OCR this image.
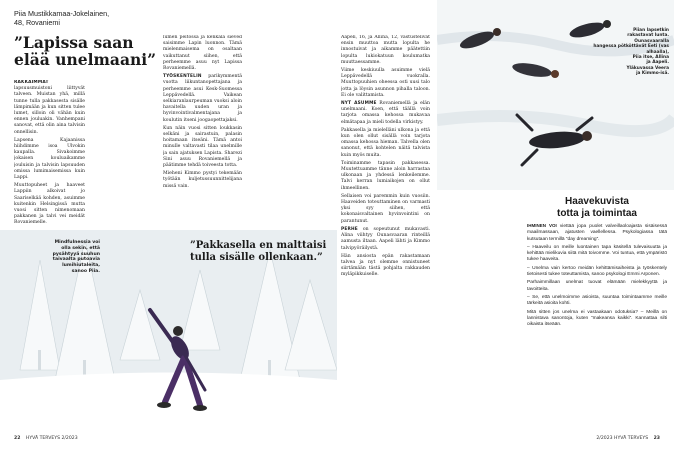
Piia Mustikkamaa-Jokelainen,
48, Rovaniemi
”Lapissa saan
elää unelmaani”

RAKKAIMMAT lapsuusmuistoni liittyvät talveen. Muistan yhä, millä tunne tulla pakkasesta sisälle lämpimään ja kun sitten tulee lumet, silloin oli vähän kuin ennen jouluakin. Vanhempani sanovat, että olin aina talvisin onnellisin.

Lapsena Kajaanissa hiihdimme isoa Ulvokin kaupalla. Sivakoimme jokaisen kouluaikamme jouluisin ja talvisin lapsuuden omissa lumimaisemissa kuin Lappi.

Muuttopuheet ja haaveet Lappiin alkoivat jo Saariselkää kohden, asuimme kuitenkin Helsingissä mutta vuosi sitten nimenomaan pakkanen ja talvi vei meidät Rovaniemelle.

lumen peitossa ja kenkälä sieved saisimme Lapin luonnon. Tämä mielenmaisema on osaltaan vaikuttanut siihen, että perheemme asuu nyt Lapissa Rovaniemellä.

TYÖSKENTELIN parikymmentä vuotta liikuntanopettajana ja perheemme asui Kesk-Suomessa Leppävedellä. Vaikean selkiaranlaurpeuman vuoksi aloin havaitella uuden uran ja hyvinvointivalmentajana ja koulutin itseni joogaopettajaksi.

Kun näin vuosi sitten loukkasin selkäni ja sairastuin, palasin hoitamaan itseäni. Tämä antoi minulle valtavasti tilaa unelmille ja sain ajatuksen Lapista. Sharezi Sini asuu Rovaniemellä ja päätimme tehdä toiveesta totta.

Mieheni Kimmo pystyi tekemään työtään kuljetussuunnittelijana missä vain.

Mindfulnessia voi
olla sekin, että
pysähtyyä suuhun
taivaalta putoavia
lumihiutaleita,
sanoo Piia.
”Pakkasella en malttaisi
tulla sisälle ollenkaan.”
22 HYVÄ TERVEYS 2/2023

Aapeli, 16, ja Allina, 12, vastustelivat ensin muuttoa mutta lopulta he innostuivat ja aikamme päätettiin lopulta lukiokatuun koulumatka muuttaessamme.

Viime keskiuulla asuimme vielä Leppävedellä vuokralla. Muuttopuuhien oheessa osti uusi talo jotta ja löysin asunnon pihalla taloon. Ei ole valittamista.

NYT ASUMME Rovaniemellä ja elän unelmaani. Koen, että täällä voin tarjota omassa kehossa mukavaa elmätapaa ja mieli todella virkistyy.

Pakkasella ja mielelläni ulkona ja että kun olen ollut sisällä voin tarjota omassa kehossa hieman. Talvella olen sanonut, että kohtelen näitä talvista kuin myös muita.

Toiminamme tapasin pakkasessa. Muutettuamme tänne aloin harrastaa ulkonaan ja yhdessä lenkeilemme. Talvi kerran lumiaikojen on ollut ihmeellinen.

Sellaisen voi paremmin kuin vuosiin. Haaveiden toteuttaminen on varmasti yksi syy siihen, että kokonaisvaltainen hyvinvointini on parantunut.

PERHE on sopeutunut mukavasti. Alina viihtyy Ounasvaaran rinteillä aamusta iltaan. Aapeli lähti ja Kimmo talvipyöräilystä.

Hän ansiosta epän rakastamaan talvea ja nyt olemme onnistuneet siirtämään tästä pohjalta rakkauden myläpikkuiselle.

Piian lapsetkin
rakastavat lunta.
Ounasvaaralla
hangessa pötköttävät Eeti (vas
alhaalla),
Piia itse, Allina
ja Aapeli.
Yläkuvassa Veera
ja Kimmo-isä.
Haavekuvista
totta ja toimintaa

IHMINEN VOI viettää jopa puolet valveillaoloajasta sisäisessä maailmassaan, ajatusten vaellellessa. Psykologiassa tätä kutsutaan termillä ”day dreaming”.

– Haaveilu on meille luontainen tapa käsitellä tulevaisuutta ja kehittää mielikuvia siitä mitä toivomme. Voi tuntua, että ympäristö tukee haaveita.

– Unelma vain kertoo meidän kehittämisaiheista ja työskentely tietoisesti tukee toteuttamista, sanoo psykologi Emmi Arponen.

Parhaimmillaan unelmat tuovat elämään mielekkyyttä ja tavoitteita.

– Se, että unelmoimme asioista, suuntaa toimintaamme meille tärkeitä asioita kohti.

Mitä sitten jos unelma ei vastaakaan odotuksia? – Meillä on lannistava sanontoja, kuten ”makeansa kaikki”. Kannattaa silti oikaista itseään.

2/2023 HYVÄ TERVEYS 23
